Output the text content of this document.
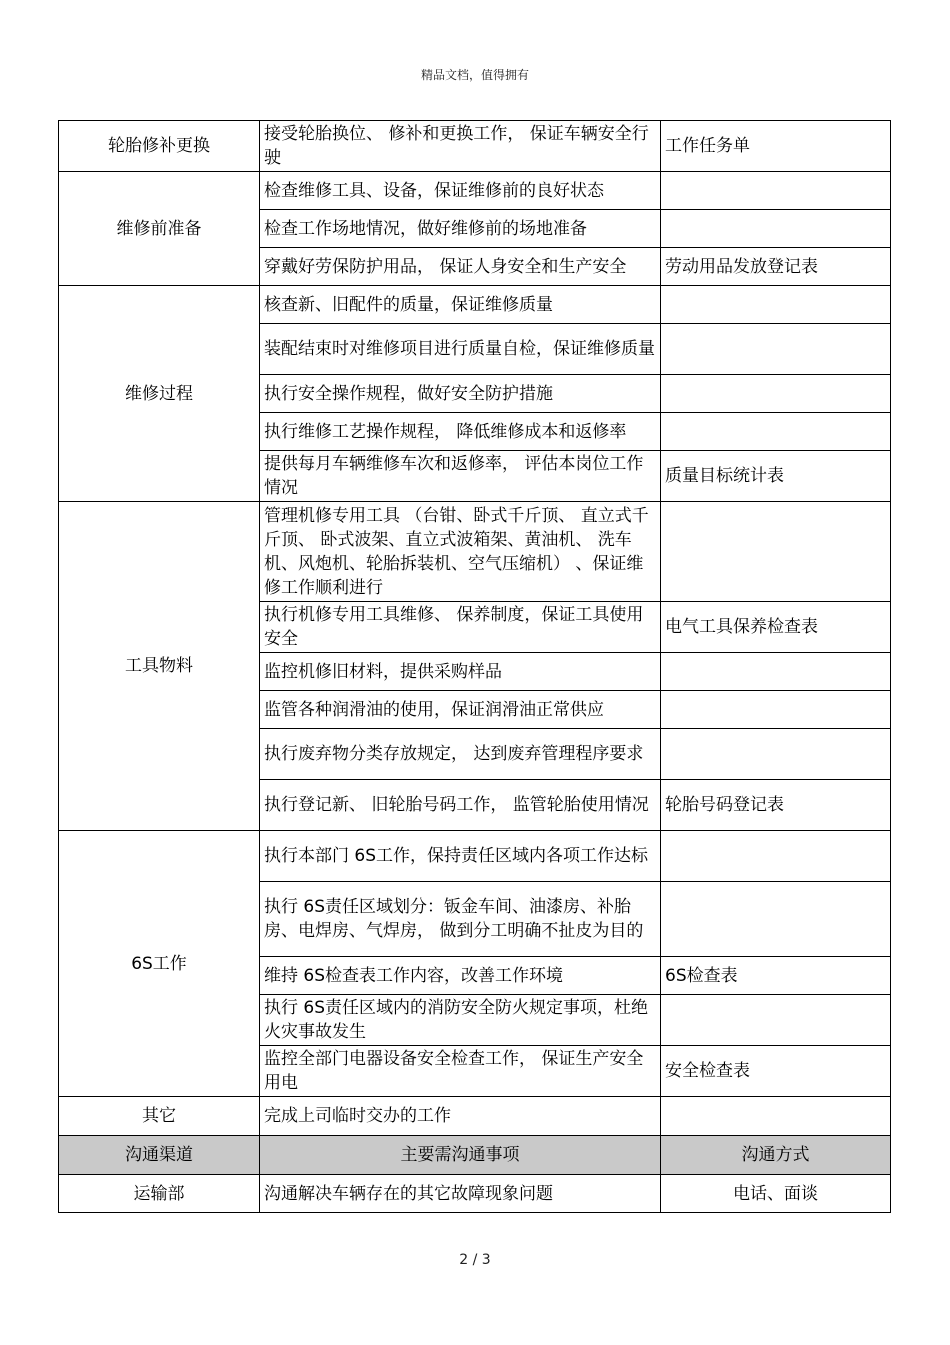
精品文档，值得拥有
轮胎修补更换	接受轮胎换位、 修补和更换工作， 保证车辆安全行驶	工作任务单
维修前准备	检查维修工具、设备，保证维修前的良好状态	
	检查工作场地情况，做好维修前的场地准备	
	穿戴好劳保防护用品， 保证人身安全和生产安全	劳动用品发放登记表
维修过程	核查新、旧配件的质量，保证维修质量	
	装配结束时对维修项目进行质量自检，保证维修质量	
	执行安全操作规程，做好安全防护措施	
	执行维修工艺操作规程， 降低维修成本和返修率	
	提供每月车辆维修车次和返修率， 评估本岗位工作情况	质量目标统计表
工具物料	管理机修专用工具 （台钳、卧式千斤顶、 直立式千斤顶、 卧式波架、直立式波箱架、黄油机、 洗车机、风炮机、轮胎拆装机、空气压缩机） 、保证维修工作顺利进行	
	执行机修专用工具维修、 保养制度，保证工具使用安全	电气工具保养检查表
	监控机修旧材料，提供采购样品	
	监管各种润滑油的使用，保证润滑油正常供应	
	执行废弃物分类存放规定， 达到废弃管理程序要求	
	执行登记新、 旧轮胎号码工作， 监管轮胎使用情况	轮胎号码登记表
6S工作	执行本部门 6S工作，保持责任区域内各项工作达标	
	执行 6S责任区域划分：钣金车间、油漆房、补胎房、电焊房、气焊房， 做到分工明确不扯皮为目的	
	维持 6S检查表工作内容，改善工作环境	6S检查表
	执行 6S责任区域内的消防安全防火规定事项，杜绝火灾事故发生	
	监控全部门电器设备安全检查工作， 保证生产安全用电	安全检查表
其它	完成上司临时交办的工作	
沟通渠道	主要需沟通事项	沟通方式
运输部	沟通解决车辆存在的其它故障现象问题	电话、面谈
2 / 3
